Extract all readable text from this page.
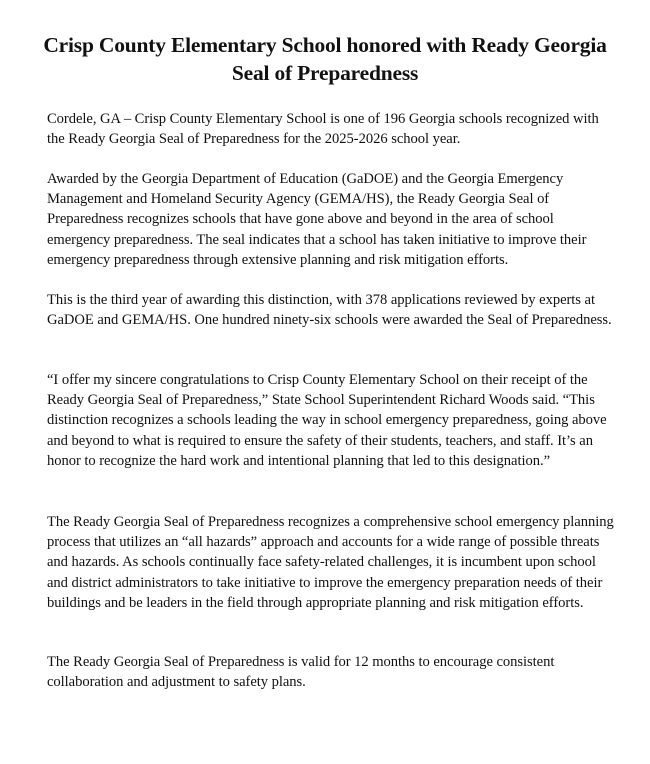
Crisp County Elementary School honored with Ready Georgia Seal of Preparedness

Cordele, GA – Crisp County Elementary School is one of 196 Georgia schools recognized with the Ready Georgia Seal of Preparedness for the 2025-2026 school year.

Awarded by the Georgia Department of Education (GaDOE) and the Georgia Emergency Management and Homeland Security Agency (GEMA/HS), the Ready Georgia Seal of Preparedness recognizes schools that have gone above and beyond in the area of school emergency preparedness. The seal indicates that a school has taken initiative to improve their emergency preparedness through extensive planning and risk mitigation efforts.

This is the third year of awarding this distinction, with 378 applications reviewed by experts at GaDOE and GEMA/HS. One hundred ninety-six schools were awarded the Seal of Preparedness.

“I offer my sincere congratulations to Crisp County Elementary School on their receipt of the Ready Georgia Seal of Preparedness,” State School Superintendent Richard Woods said. “This distinction recognizes a schools leading the way in school emergency preparedness, going above and beyond to what is required to ensure the safety of their students, teachers, and staff. It’s an honor to recognize the hard work and intentional planning that led to this designation.”

The Ready Georgia Seal of Preparedness recognizes a comprehensive school emergency planning process that utilizes an “all hazards” approach and accounts for a wide range of possible threats and hazards. As schools continually face safety-related challenges, it is incumbent upon school and district administrators to take initiative to improve the emergency preparation needs of their buildings and be leaders in the field through appropriate planning and risk mitigation efforts.

The Ready Georgia Seal of Preparedness is valid for 12 months to encourage consistent collaboration and adjustment to safety plans.
